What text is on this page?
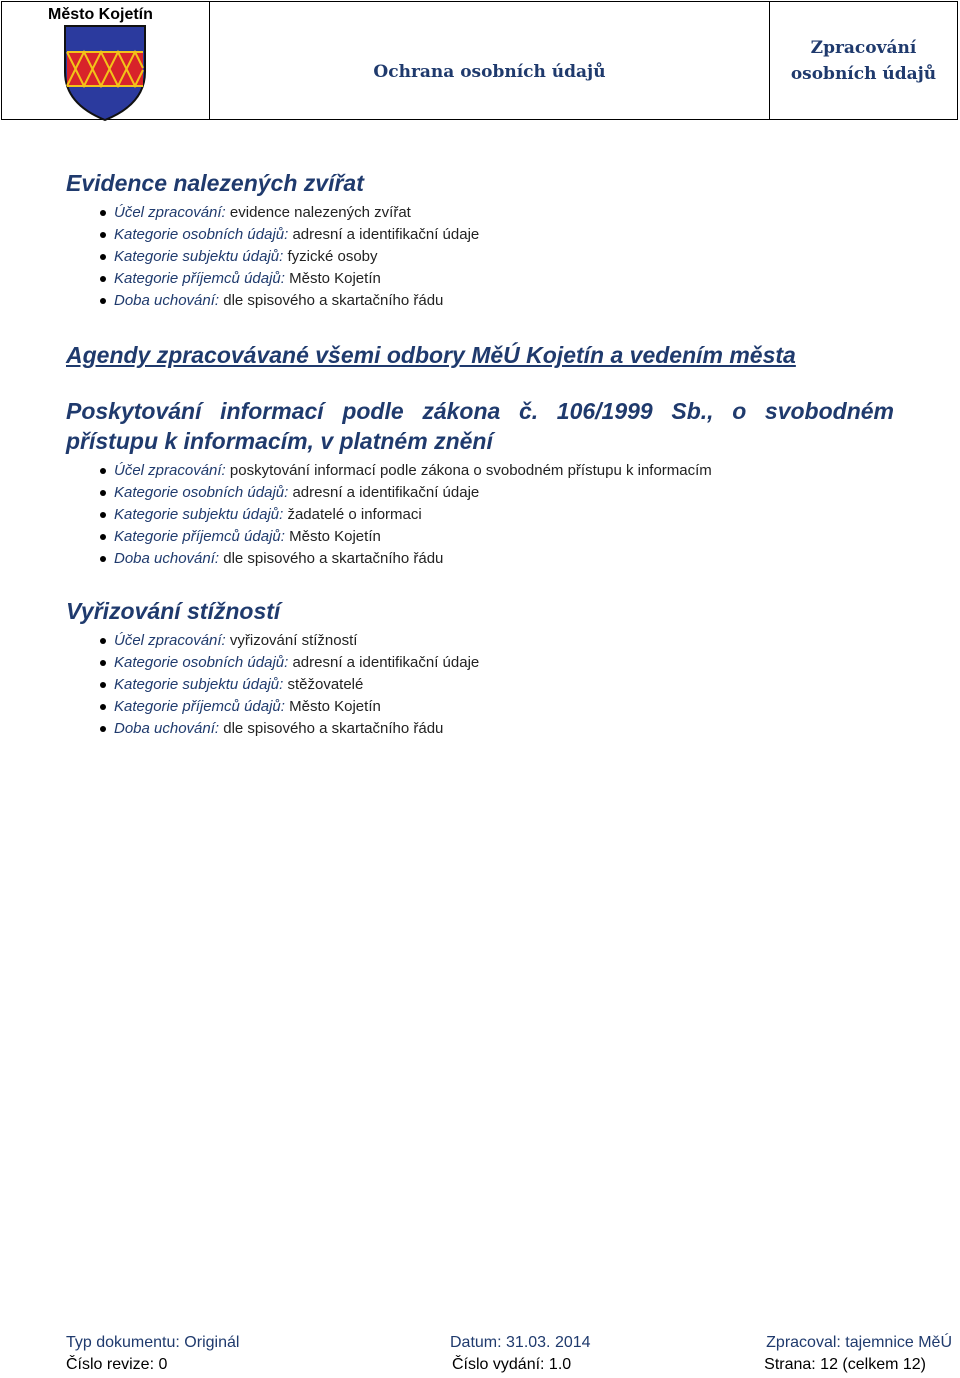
Město Kojetín
Ochrana osobních údajů
Zpracování
osobních údajů
Evidence nalezených zvířat
Účel zpracování: evidence nalezených zvířat
Kategorie osobních údajů: adresní a identifikační údaje
Kategorie subjektu údajů: fyzické osoby
Kategorie příjemců údajů: Město Kojetín
Doba uchování: dle spisového a skartačního řádu
Agendy zpracovávané všemi odbory MěÚ Kojetín a vedením města
Poskytování informací podle zákona č. 106/1999 Sb., o svobodném přístupu k informacím, v platném znění
Účel zpracování: poskytování informací podle zákona o svobodném přístupu k informacím
Kategorie osobních údajů: adresní a identifikační údaje
Kategorie subjektu údajů: žadatelé o informaci
Kategorie příjemců údajů: Město Kojetín
Doba uchování: dle spisového a skartačního řádu
Vyřizování stížností
Účel zpracování: vyřizování stížností
Kategorie osobních údajů: adresní a identifikační údaje
Kategorie subjektu údajů: stěžovatelé
Kategorie příjemců údajů: Město Kojetín
Doba uchování: dle spisového a skartačního řádu
Typ dokumentu: Originál	Datum: 31.03. 2014	Zpracoval: tajemnice MěÚ
Číslo revize: 0	Číslo vydání: 1.0	Strana: 12 (celkem 12)
